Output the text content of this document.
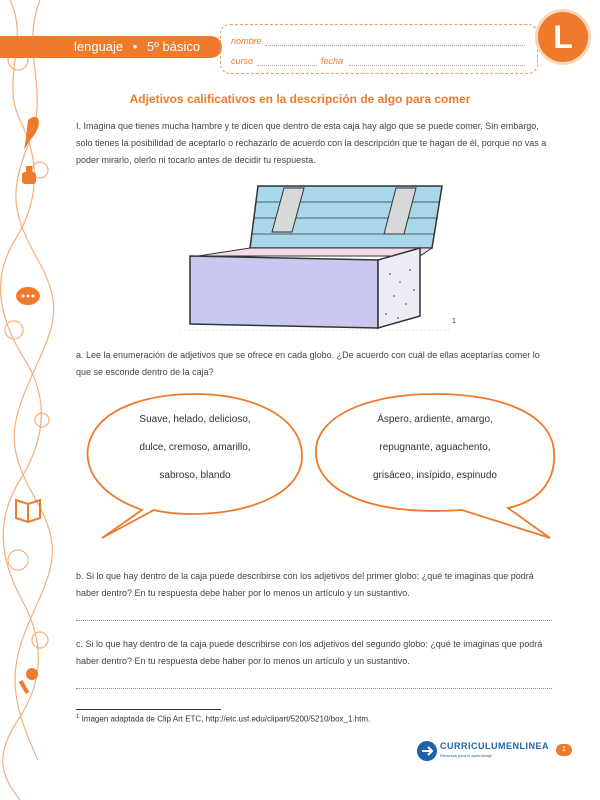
lenguaje • 5º básico	nombre
curso	fecha
L
Adjetivos calificativos en la descripción de algo para comer
I. Imagina que tienes mucha hambre y te dicen que dentro de esta caja hay algo que se puede comer. Sin embargo, solo tienes la posibilidad de aceptarlo o rechazarlo de acuerdo con la descripción que te hagan de él, porque no vas a poder mirarlo, olerlo ni tocarlo antes de decidir tu respuesta.
1
a. Lee la enumeración de adjetivos que se ofrece en cada globo. ¿De acuerdo con cuál de ellas aceptarías comer lo que se esconde dentro de la caja?
Suave, helado, delicioso,
dulce, cremoso, amarillo,
sabroso, blando
Áspero, ardiente, amargo,
repugnante, aguachento,
grisáceo, insípido, espinudo
b. Si lo que hay dentro de la caja puede describirse con los adjetivos del primer globo: ¿qué te imaginas que podrá haber dentro? En tu respuesta debe haber por lo menos un artículo y un sustantivo.
c. Si lo que hay dentro de la caja puede describirse con los adjetivos del segundo globo: ¿qué te imaginas que podrá haber dentro? En tu respuesta debe haber por lo menos un artículo y un sustantivo.
$^1$ Imagen adaptada de Clip Art ETC, http://etc.usf.edu/clipart/5200/5210/box_1.htm.
CURRICULUMENLINEA
Recursos para el aprendizaje
1
